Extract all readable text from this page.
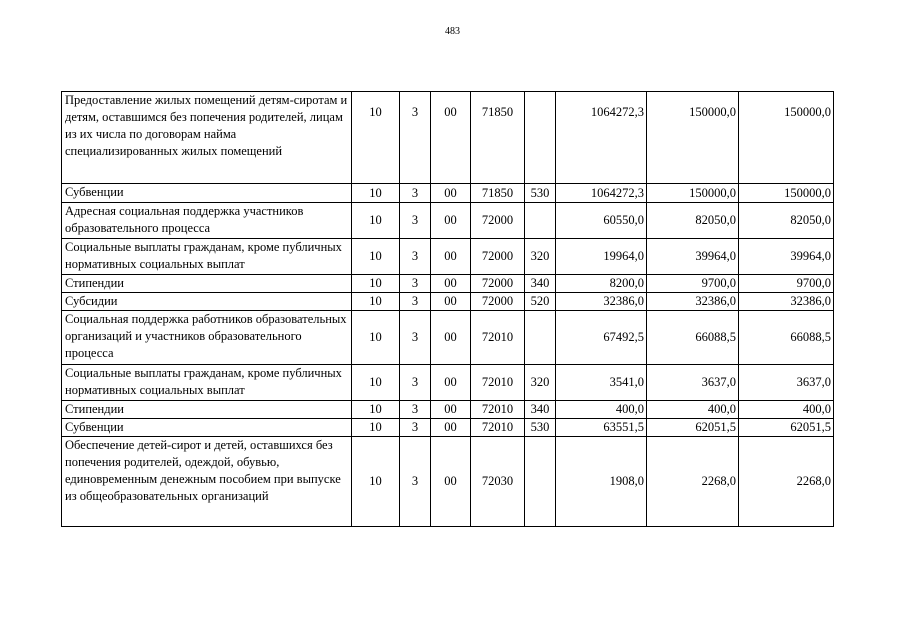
483
Предоставление жилых помещений детям-сиротам и детям, оставшимся без попечения родителей, лицам из их числа по договорам найма специализированных жилых помещений	10	3	00	71850		1064272,3	150000,0	150000,0
Субвенции	10	3	00	71850	530	1064272,3	150000,0	150000,0
Адресная социальная поддержка участников образовательного процесса	10	3	00	72000		60550,0	82050,0	82050,0
Социальные выплаты гражданам, кроме публичных нормативных социальных выплат	10	3	00	72000	320	19964,0	39964,0	39964,0
Стипендии	10	3	00	72000	340	8200,0	9700,0	9700,0
Субсидии	10	3	00	72000	520	32386,0	32386,0	32386,0
Социальная поддержка работников образовательных организаций и участников образовательного процесса	10	3	00	72010		67492,5	66088,5	66088,5
Социальные выплаты гражданам, кроме публичных нормативных социальных выплат	10	3	00	72010	320	3541,0	3637,0	3637,0
Стипендии	10	3	00	72010	340	400,0	400,0	400,0
Субвенции	10	3	00	72010	530	63551,5	62051,5	62051,5
Обеспечение детей-сирот и детей, оставшихся без попечения родителей, одеждой, обувью, единовременным денежным пособием при выпуске из общеобразовательных организаций	10	3	00	72030		1908,0	2268,0	2268,0
